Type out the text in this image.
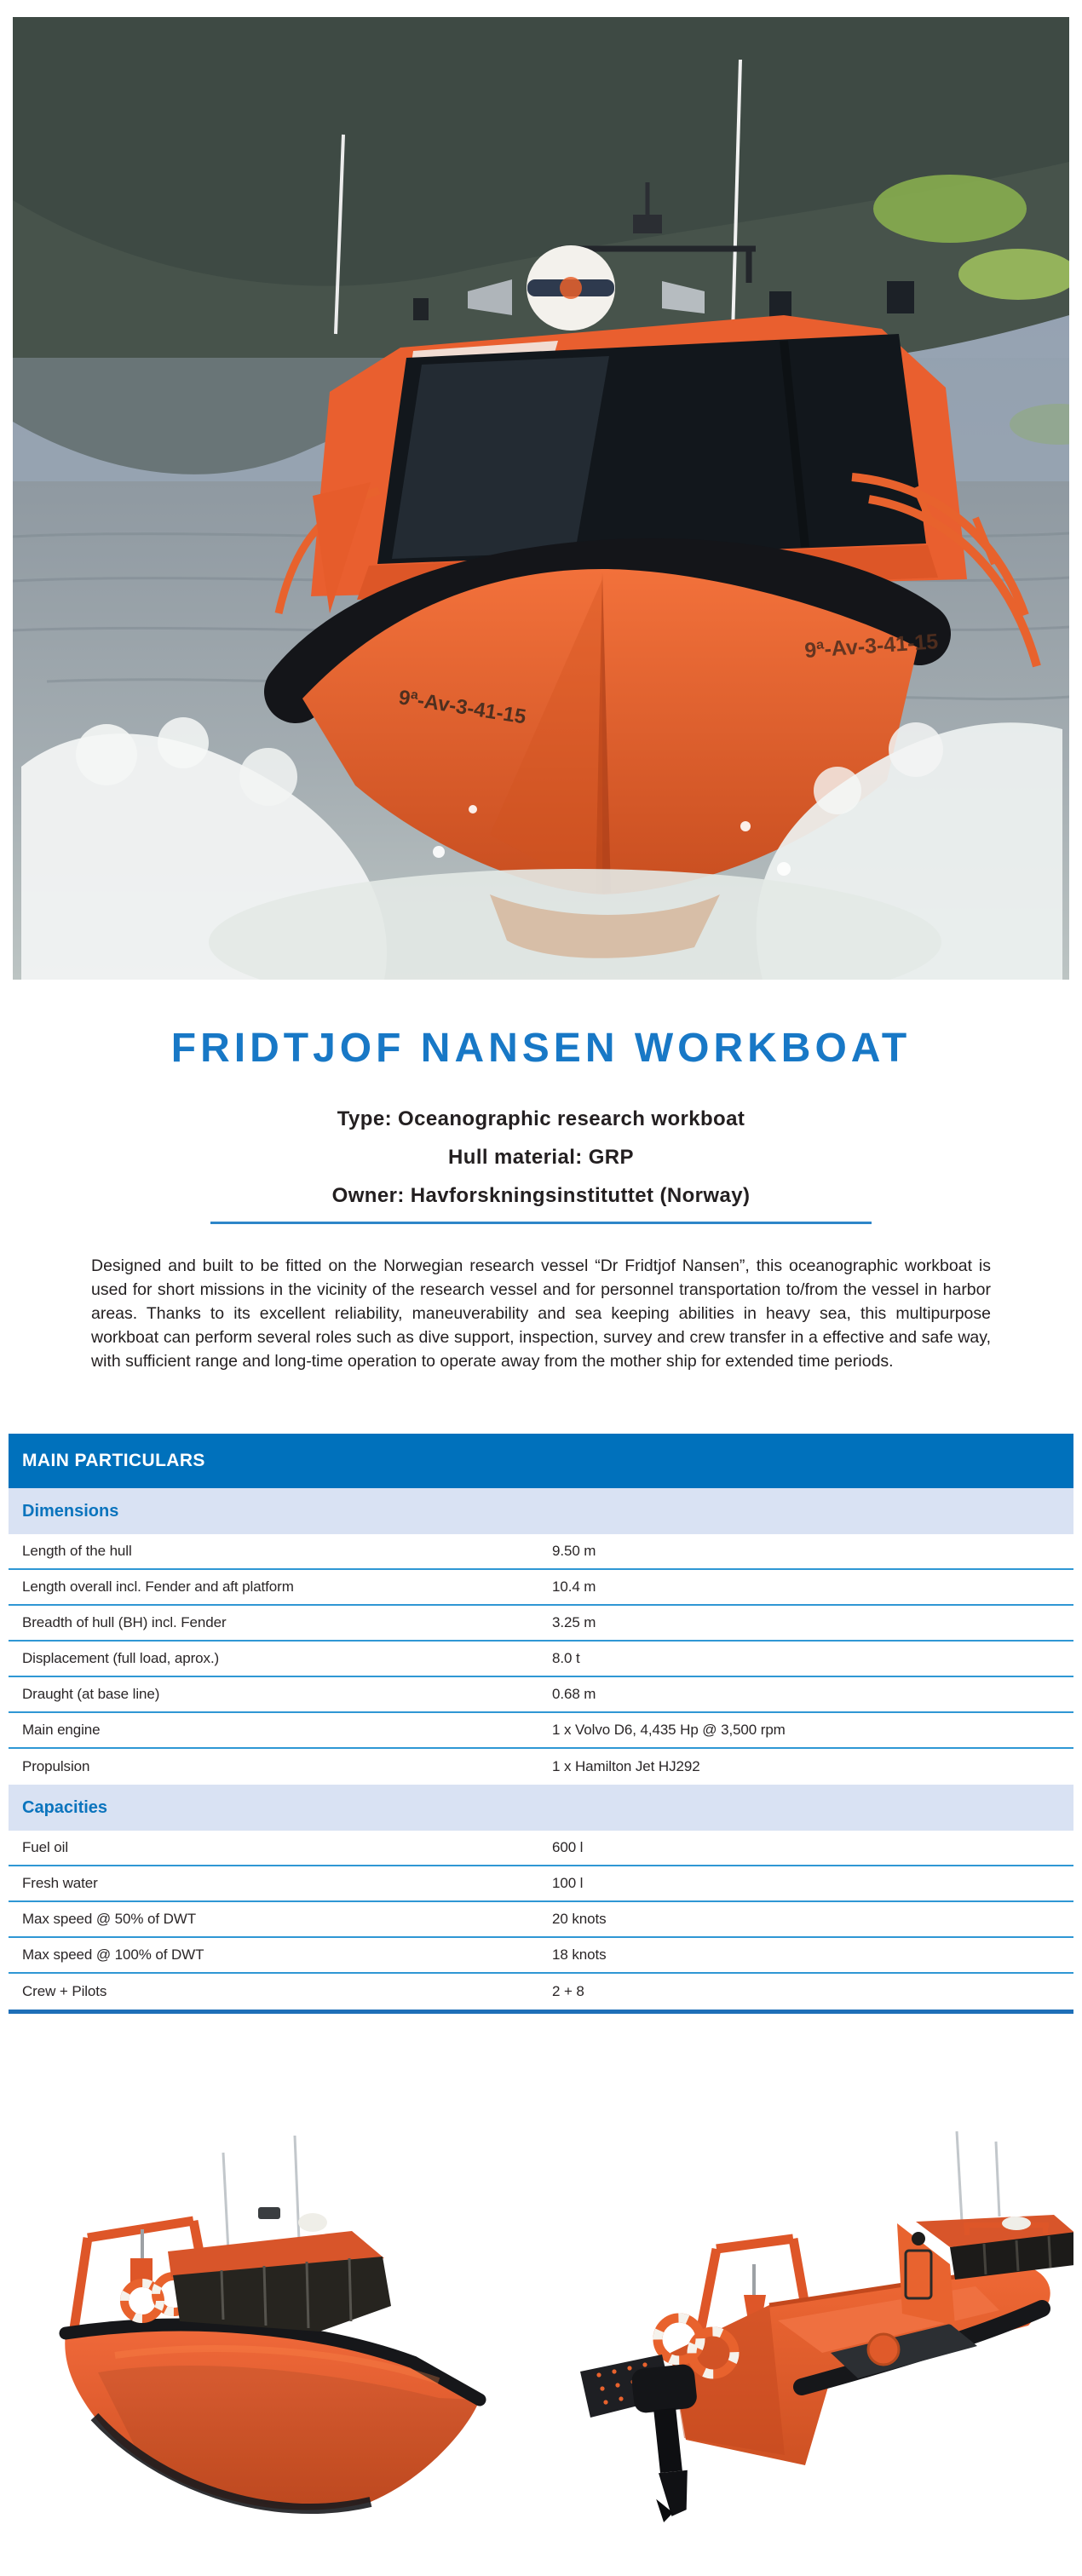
9ª-Av-3-41-15
9ª-Av-3-41-15
FRIDTJOF NANSEN WORKBOAT
Type: Oceanographic research workboat
Hull material: GRP
Owner: Havforskningsinstituttet (Norway)

Designed and built to be fitted on the Norwegian research vessel “Dr Fridtjof Nansen”, this oceanographic workboat is used for short missions in the vicinity of the research vessel and for personnel transportation to/from the vessel in harbor areas. Thanks to its excellent reliability, maneuverability and sea keeping abilities in heavy sea, this multipurpose workboat can perform several roles such as dive support, inspection, survey and crew transfer in a effective and safe way, with sufficient range and long-time operation to operate away from the mother ship for extended time periods.

MAIN PARTICULARS
Dimensions
Length of the hull	9.50 m
Length overall incl. Fender and aft platform	10.4 m
Breadth of hull (BH) incl. Fender	3.25 m
Displacement (full load, aprox.)	8.0 t
Draught (at base line)	0.68 m
Main engine	1 x Volvo D6, 4,435 Hp @ 3,500 rpm
Propulsion	1 x Hamilton Jet HJ292
Capacities
Fuel oil	600 l
Fresh water	100 l
Max speed @ 50% of DWT	20 knots
Max speed @ 100% of DWT	18 knots
Crew + Pilots	2 + 8
